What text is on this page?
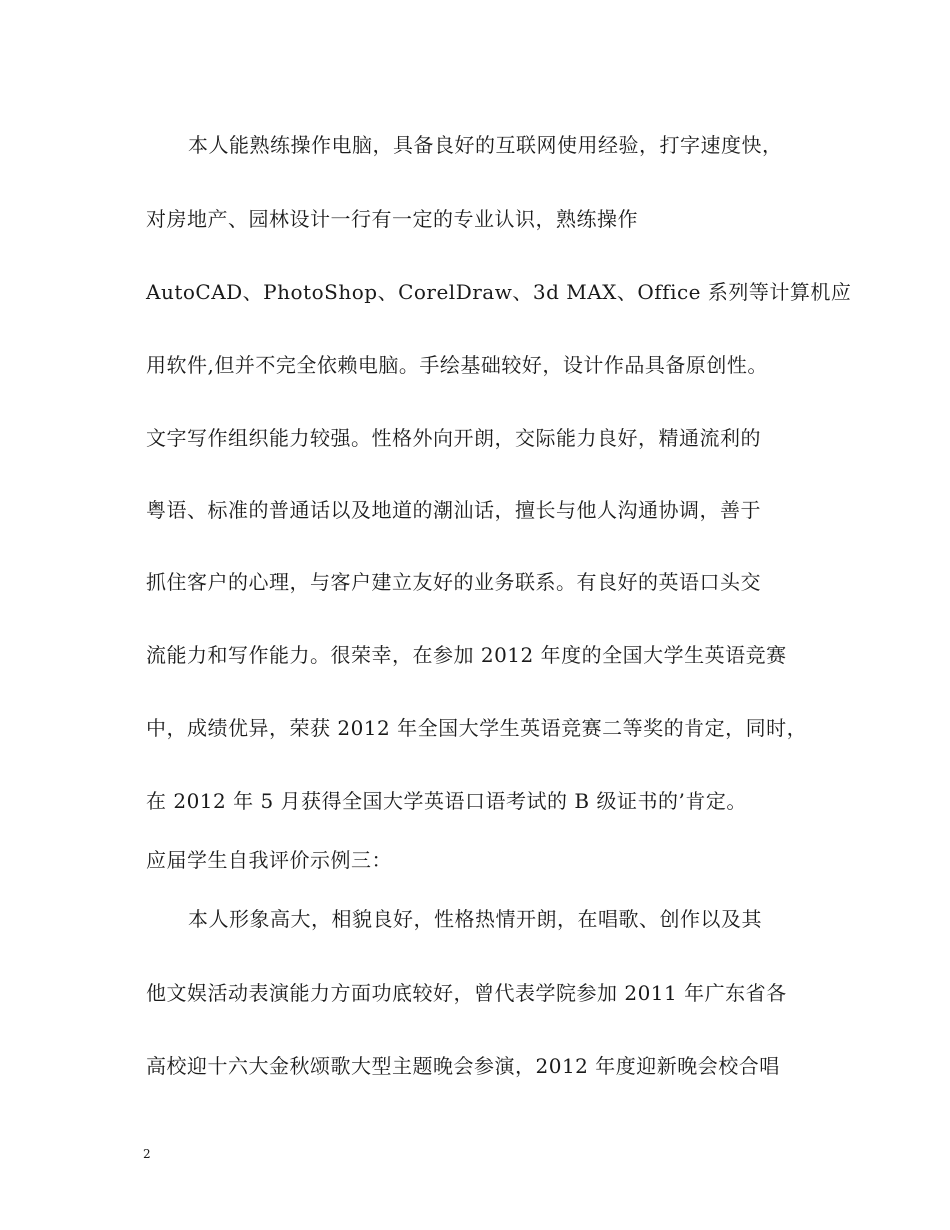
本人能熟练操作电脑，具备良好的互联网使用经验，打字速度快，
对房地产、园林设计一行有一定的专业认识，熟练操作
AutoCAD、PhotoShop、CorelDraw、3d MAX、Office 系列等计算机应
用软件,但并不完全依赖电脑。手绘基础较好，设计作品具备原创性。
文字写作组织能力较强。性格外向开朗，交际能力良好，精通流利的
粤语、标准的普通话以及地道的潮汕话，擅长与他人沟通协调，善于
抓住客户的心理，与客户建立友好的业务联系。有良好的英语口头交
流能力和写作能力。很荣幸，在参加 2012 年度的全国大学生英语竞赛
中，成绩优异，荣获 2012 年全国大学生英语竞赛二等奖的肯定，同时，
在 2012 年 5 月获得全国大学英语口语考试的 B 级证书的’肯定。
应届学生自我评价示例三：
本人形象高大，相貌良好，性格热情开朗，在唱歌、创作以及其
他文娱活动表演能力方面功底较好，曾代表学院参加 2011 年广东省各
高校迎十六大金秋颂歌大型主题晚会参演，2012 年度迎新晚会校合唱
2
